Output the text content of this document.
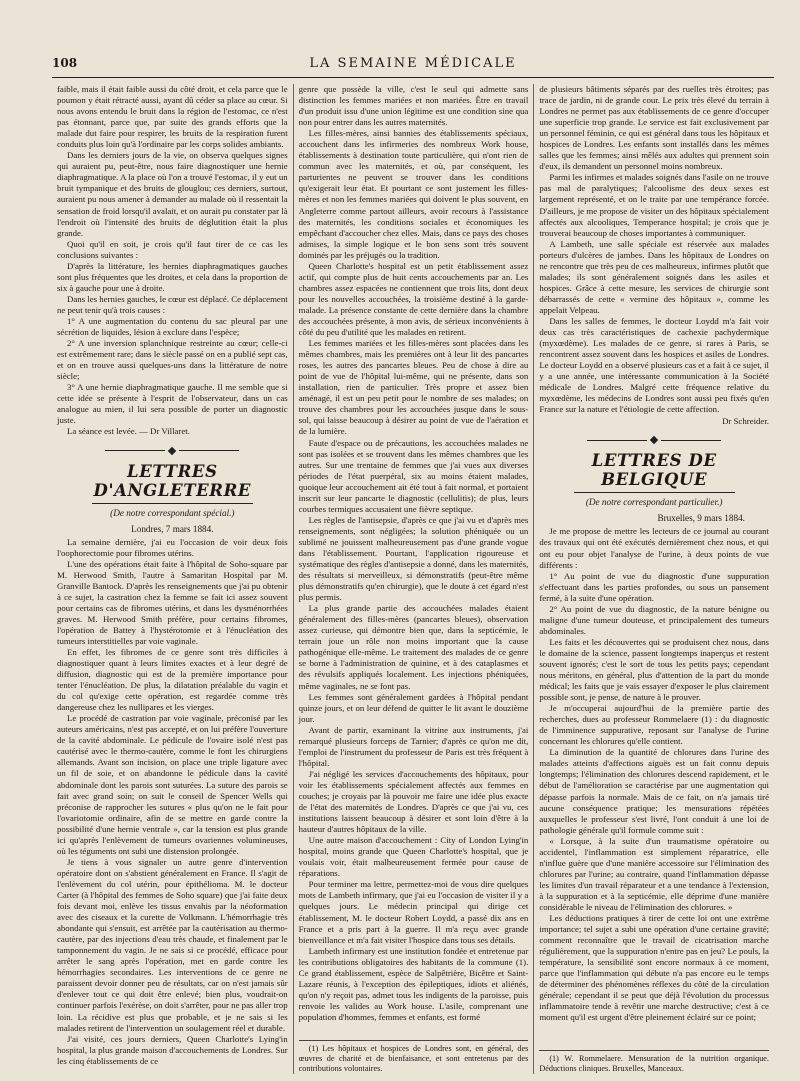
108	LA SEMAINE MÉDICALE

faible, mais il était faible aussi du côté droit, et cela parce que le poumon y était rétracté aussi, ayant dû céder sa place au cœur. Si nous avons entendu le bruit dans la région de l'estomac, ce n'est pas étonnant, parce que, par suite des grands efforts que la malade dut faire pour respirer, les bruits de la respiration furent conduits plus loin qu'à l'ordinaire par les corps solides ambiants.

Dans les derniers jours de la vie, on observa quelques signes qui auraient pu, peut-être, nous faire diagnostiquer une hernie diaphragmatique. A la place où l'on a trouvé l'estomac, il y eut un bruit tympanique et des bruits de glouglou; ces derniers, surtout, auraient pu nous amener à demander au malade où il ressentait la sensation de froid lorsqu'il avalait, et on aurait pu constater par là l'endroit où l'intensité des bruits de déglutition était la plus grande.

Quoi qu'il en soit, je crois qu'il faut tirer de ce cas les conclusions suivantes :

D'après la littérature, les hernies diaphragmatiques gauches sont plus fréquentes que les droites, et cela dans la proportion de six à gauche pour une à droite.

Dans les hernies gauches, le cœur est déplacé. Ce déplacement ne peut tenir qu'à trois causes :

1° A une augmentation du contenu du sac pleural par une sécrétion de liquides, lésion à exclure dans l'espèce;

2° A une inversion splanchnique restreinte au cœur; celle-ci est extrêmement rare; dans le siècle passé on en a publié sept cas, et on en trouve aussi quelques-uns dans la littérature de notre siècle;

3° A une hernie diaphragmatique gauche. Il me semble que si cette idée se présente à l'esprit de l'observateur, dans un cas analogue au mien, il lui sera possible de porter un diagnostic juste.

La séance est levée. — Dr Villaret.

LETTRES D'ANGLETERRE
(De notre correspondant spécial.)
Londres, 7 mars 1884.

La semaine dernière, j'ai eu l'occasion de voir deux fois l'oophorectomie pour fibromes utérins.

L'une des opérations était faite à l'hôpital de Soho-square par M. Herwood Smith, l'autre à Samaritan Hospital par M. Granville Bantock. D'après les renseignements que j'ai pu obtenir à ce sujet, la castration chez la femme se fait ici assez souvent pour certains cas de fibromes utérins, et dans les dysménorrhées graves. M. Herwood Smith préfère, pour certains fibromes, l'opération de Battey à l'hystérotomie et à l'énucléation des tumeurs interstitielles par voie vaginale.

En effet, les fibromes de ce genre sont très difficiles à diagnostiquer quant à leurs limites exactes et à leur degré de diffusion, diagnostic qui est de la première importance pour tenter l'énucléation. De plus, la dilatation préalable du vagin et du col qu'exige cette opération, est regardée comme très dangereuse chez les nullipares et les vierges.

Le procédé de castration par voie vaginale, préconisé par les auteurs américains, n'est pas accepté, et on lui préfère l'ouverture de la cavité abdominale. Le pédicule de l'ovaire isolé n'est pas cautérisé avec le thermo-cautère, comme le font les chirurgiens allemands. Avant son incision, on place une triple ligature avec un fil de soie, et on abandonne le pédicule dans la cavité abdominale dont les parois sont suturées. La suture des parois se fait avec grand soin; on suit le conseil de Spencer Wells qui préconise de rapprocher les sutures « plus qu'on ne le fait pour l'ovariotomie ordinaire, afin de se mettre en garde contre la possibilité d'une hernie ventrale », car la tension est plus grande ici qu'après l'enlèvement de tumeurs ovariennes volumineuses, où les téguments ont subi une distension prolongée.

Je tiens à vous signaler un autre genre d'intervention opératoire dont on s'abstient généralement en France. Il s'agit de l'enlèvement du col utérin, pour épithélioma. M. le docteur Carter (à l'hôpital des femmes de Soho square) que j'ai faite deux fois devant moi, enlève les tissus envahis par la néoformation avec des ciseaux et la curette de Volkmann. L'hémorrhagie très abondante qui s'ensuit, est arrêtée par la cautérisation au thermo-cautère, par des injections d'eau très chaude, et finalement par le tamponnement du vagin. Je ne sais si ce procédé, efficace pour arrêter le sang après l'opération, met en garde contre les hémorrhagies secondaires. Les interventions de ce genre ne paraissent devoir donner peu de résultats, car on n'est jamais sûr d'enlever tout ce qui doit être enlevé; bien plus, voudrait-on continuer parfois l'exérèse, on doit s'arrêter, pour ne pas aller trop loin. La récidive est plus que probable, et je ne sais si les malades retirent de l'intervention un soulagement réel et durable.

J'ai visité, ces jours derniers, Queen Charlotte's Lying'in hospital, la plus grande maison d'accouchements de Londres. Sur les cinq établissements de ce

genre que possède la ville, c'est le seul qui admette sans distinction les femmes mariées et non mariées. Être en travail d'un produit issu d'une union légitime est une condition sine qua non pour entrer dans les autres maternités.

Les filles-mères, ainsi bannies des établissements spéciaux, accouchent dans les infirmeries des nombreux Work house, établissements à destination toute particulière, qui n'ont rien de commun avec les maternités, et où, par conséquent, les parturientes ne peuvent se trouver dans les conditions qu'exigerait leur état. Et pourtant ce sont justement les filles-mères et non les femmes mariées qui doivent le plus souvent, en Angleterre comme partout ailleurs, avoir recours à l'assistance des maternités, les conditions sociales et économiques les empêchant d'accoucher chez elles. Mais, dans ce pays des choses admises, la simple logique et le bon sens sont très souvent dominés par les préjugés ou la tradition.

Queen Charlotte's hospital est un petit établissement assez actif, qui compte plus de huit cents accouchements par an. Les chambres assez espacées ne contiennent que trois lits, dont deux pour les nouvelles accouchées, la troisième destiné à la garde-malade. La présence constante de cette dernière dans la chambre des accouchées présente, à mon avis, de sérieux inconvénients à côté du peu d'utilité que les malades en retirent.

Les femmes mariées et les filles-mères sont placées dans les mêmes chambres, mais les premières ont à leur lit des pancartes roses, les autres des pancartes bleues. Peu de chose à dire au point de vue de l'hôpital lui-même, qui ne présente, dans son installation, rien de particulier. Très propre et assez bien aménagé, il est un peu petit pour le nombre de ses malades; on trouve des chambres pour les accouchées jusque dans le sous-sol, qui laisse beaucoup à désirer au point de vue de l'aération et de la lumière.

Faute d'espace ou de précautions, les accouchées malades ne sont pas isolées et se trouvent dans les mêmes chambres que les autres. Sur une trentaine de femmes que j'ai vues aux diverses périodes de l'état puerpéral, six au moins étaient malades, quoique leur accouchement ait été tout à fait normal, et portaient inscrit sur leur pancarte le diagnostic (cellulitis); de plus, leurs courbes termiques accusaient une fièvre septique.

Les règles de l'antisepsie, d'après ce que j'ai vu et d'après mes renseignements, sont négligées; la solution phéniquée ou un sublimé ne jouissent malheureusement pas d'une grande vogue dans l'établissement. Pourtant, l'application rigoureuse et systématique des règles d'antisepsie a donné, dans les maternités, des résultats si merveilleux, si démonstratifs (peut-être même plus démonstratifs qu'en chirurgie), que le doute à cet égard n'est plus permis.

La plus grande partie des accouchées malades étaient généralement des filles-mères (pancartes bleues), observation assez curieuse, qui démontre bien que, dans la septicémie, le terrain joue un rôle non moins important que la cause pathogénique elle-même. Le traitement des malades de ce genre se borne à l'administration de quinine, et à des cataplasmes et des révulsifs appliqués localement. Les injections phéniquées, même vaginales, ne se font pas.

Les femmes sont généralement gardées à l'hôpital pendant quinze jours, et on leur défend de quitter le lit avant le douzième jour.

Avant de partir, examinant la vitrine aux instruments, j'ai remarqué plusieurs forceps de Tarnier; d'après ce qu'on me dit, l'emploi de l'instrument du professeur de Paris est très fréquent à l'hôpital.

J'ai négligé les services d'accouchements des hôpitaux, pour voir les établissements spécialement affectés aux femmes en couches; je croyais par là pouvoir me faire une idée plus exacte de l'état des maternités de Londres. D'après ce que j'ai vu, ces institutions laissent beaucoup à désirer et sont loin d'être à la hauteur d'autres hôpitaux de la ville.

Une autre maison d'accouchement : City of London Lying'in hospital, moins grande que Queen Charlotte's hospital, que je voulais voir, était malheureusement fermée pour cause de réparations.

Pour terminer ma lettre, permettez-moi de vous dire quelques mots de Lambeth infirmary, que j'ai eu l'occasion de visiter il y a quelques jours. Le médecin principal qui dirige cet établissement, M. le docteur Robert Loydd, a passé dix ans en France et a pris part à la guerre. Il m'a reçu avec grande bienveillance et m'a fait visiter l'hospice dans tous ses détails.

Lambeth infirmary est une institution fondée et entretenue par les contributions obligatoires des habitants de la commune (1). Ce grand établissement, espèce de Salpêtrière, Bicêtre et Saint-Lazare réunis, à l'exception des épileptiques, idiots et aliénés, qu'on n'y reçoit pas, admet tous les indigents de la paroisse, puis renvoie les valides au Work house. L'asile, comprenant une population d'hommes, femmes et enfants, est formé

(1) Les hôpitaux et hospices de Londres sont, en général, des œuvres de charité et de bienfaisance, et sont entretenus par des contributions volontaires.

de plusieurs bâtiments séparés par des ruelles très étroites; pas trace de jardin, ni de grande cour. Le prix très élevé du terrain à Londres ne permet pas aux établissements de ce genre d'occuper une superficie trop grande. Le service est fait exclusivement par un personnel féminin, ce qui est général dans tous les hôpitaux et hospices de Londres. Les enfants sont installés dans les mêmes salles que les femmes; ainsi mêlés aux adultes qui prennent soin d'eux, ils demandent un personnel moins nombreux.

Parmi les infirmes et malades soignés dans l'asile on ne trouve pas mal de paralytiques; l'alcoolisme des deux sexes est largement représenté, et on le traite par une tempérance forcée. D'ailleurs, je me propose de visiter un des hôpitaux spécialement affectés aux alcooliques, Temperance hospital; je crois que je trouverai beaucoup de choses importantes à communiquer.

A Lambeth, une salle spéciale est réservée aux malades porteurs d'ulcères de jambes. Dans les hôpitaux de Londres on ne rencontre que très peu de ces malheureux, infirmes plutôt que malades; ils sont généralement soignés dans les asiles et hospices. Grâce à cette mesure, les services de chirurgie sont débarrassés de cette « vermine des hôpitaux », comme les appelait Velpeau.

Dans les salles de femmes, le docteur Loydd m'a fait voir deux cas très caractéristiques de cachexie pachydermique (myxœdème). Les malades de ce genre, si rares à Paris, se rencontrent assez souvent dans les hospices et asiles de Londres. Le docteur Loydd en a observé plusieurs cas et a fait à ce sujet, il y a une année, une intéressante communication à la Société médicale de Londres. Malgré cette fréquence relative du myxœdème, les médecins de Londres sont aussi peu fixés qu'en France sur la nature et l'étiologie de cette affection.

Dr Schreider.
LETTRES DE BELGIQUE
(De notre correspondant particulier.)
Bruxelles, 9 mars 1884.

Je me propose de mettre les lecteurs de ce journal au courant des travaux qui ont été exécutés dernièrement chez nous, et qui ont eu pour objet l'analyse de l'urine, à deux points de vue différents :

1° Au point de vue du diagnostic d'une suppuration s'effectuant dans les parties profondes, ou sous un pansement fermé, à la suite d'une opération.

2° Au point de vue du diagnostic, de la nature bénigne ou maligne d'une tumeur douteuse, et principalement des tumeurs abdominales.

Les faits et les découvertes qui se produisent chez nous, dans le domaine de la science, passent longtemps inaperçus et restent souvent ignorés; c'est le sort de tous les petits pays; cependant nous méritons, en général, plus d'attention de la part du monde médical; les faits que je vais essayer d'exposer le plus clairement possible sont, je pense, de nature à le prouver.

Je m'occuperai aujourd'hui de la première partie des recherches, dues au professeur Rommelaere (1) : du diagnostic de l'imminence suppurative, reposant sur l'analyse de l'urine concernant les chlorures qu'elle contient.

La diminution de la quantité de chlorures dans l'urine des malades atteints d'affections aiguës est un fait connu depuis longtemps; l'élimination des chlorures descend rapidement, et le début de l'amélioration se caractérise par une augmentation qui dépasse parfois la normale. Mais de ce fait, on n'a jamais tiré aucune conséquence pratique; les mensurations répétées auxquelles le professeur s'est livré, l'ont conduit à une loi de pathologie générale qu'il formule comme suit :

« Lorsque, à la suite d'un traumatisme opératoire ou accidentel, l'inflammation est simplement réparatrice, elle n'influe guère que d'une manière accessoire sur l'élimination des chlorures par l'urine; au contraire, quand l'inflammation dépasse les limites d'un travail réparateur et a une tendance à l'extension, à la suppuration et à la septicémie, elle déprime d'une manière considérable le niveau de l'élimination des chlorures. »

Les déductions pratiques à tirer de cette loi ont une extrême importance; tel sujet a subi une opération d'une certaine gravité; comment reconnaître que le travail de cicatrisation marche régulièrement, que la suppuration n'entre pas en jeu? Le pouls, la température, la sensibilité sont encore normaux à ce moment, parce que l'inflammation qui débute n'a pas encore eu le temps de déterminer des phénomènes réflexes du côté de la circulation générale; cependant il se peut que déjà l'évolution du processus inflammatoire tende à revêtir une marche destructive; c'est à ce moment qu'il est urgent d'être pleinement éclairé sur ce point;

(1) W. Rommelaere. Mensuration de la nutrition organique. Déductions cliniques. Bruxelles, Manceaux.
